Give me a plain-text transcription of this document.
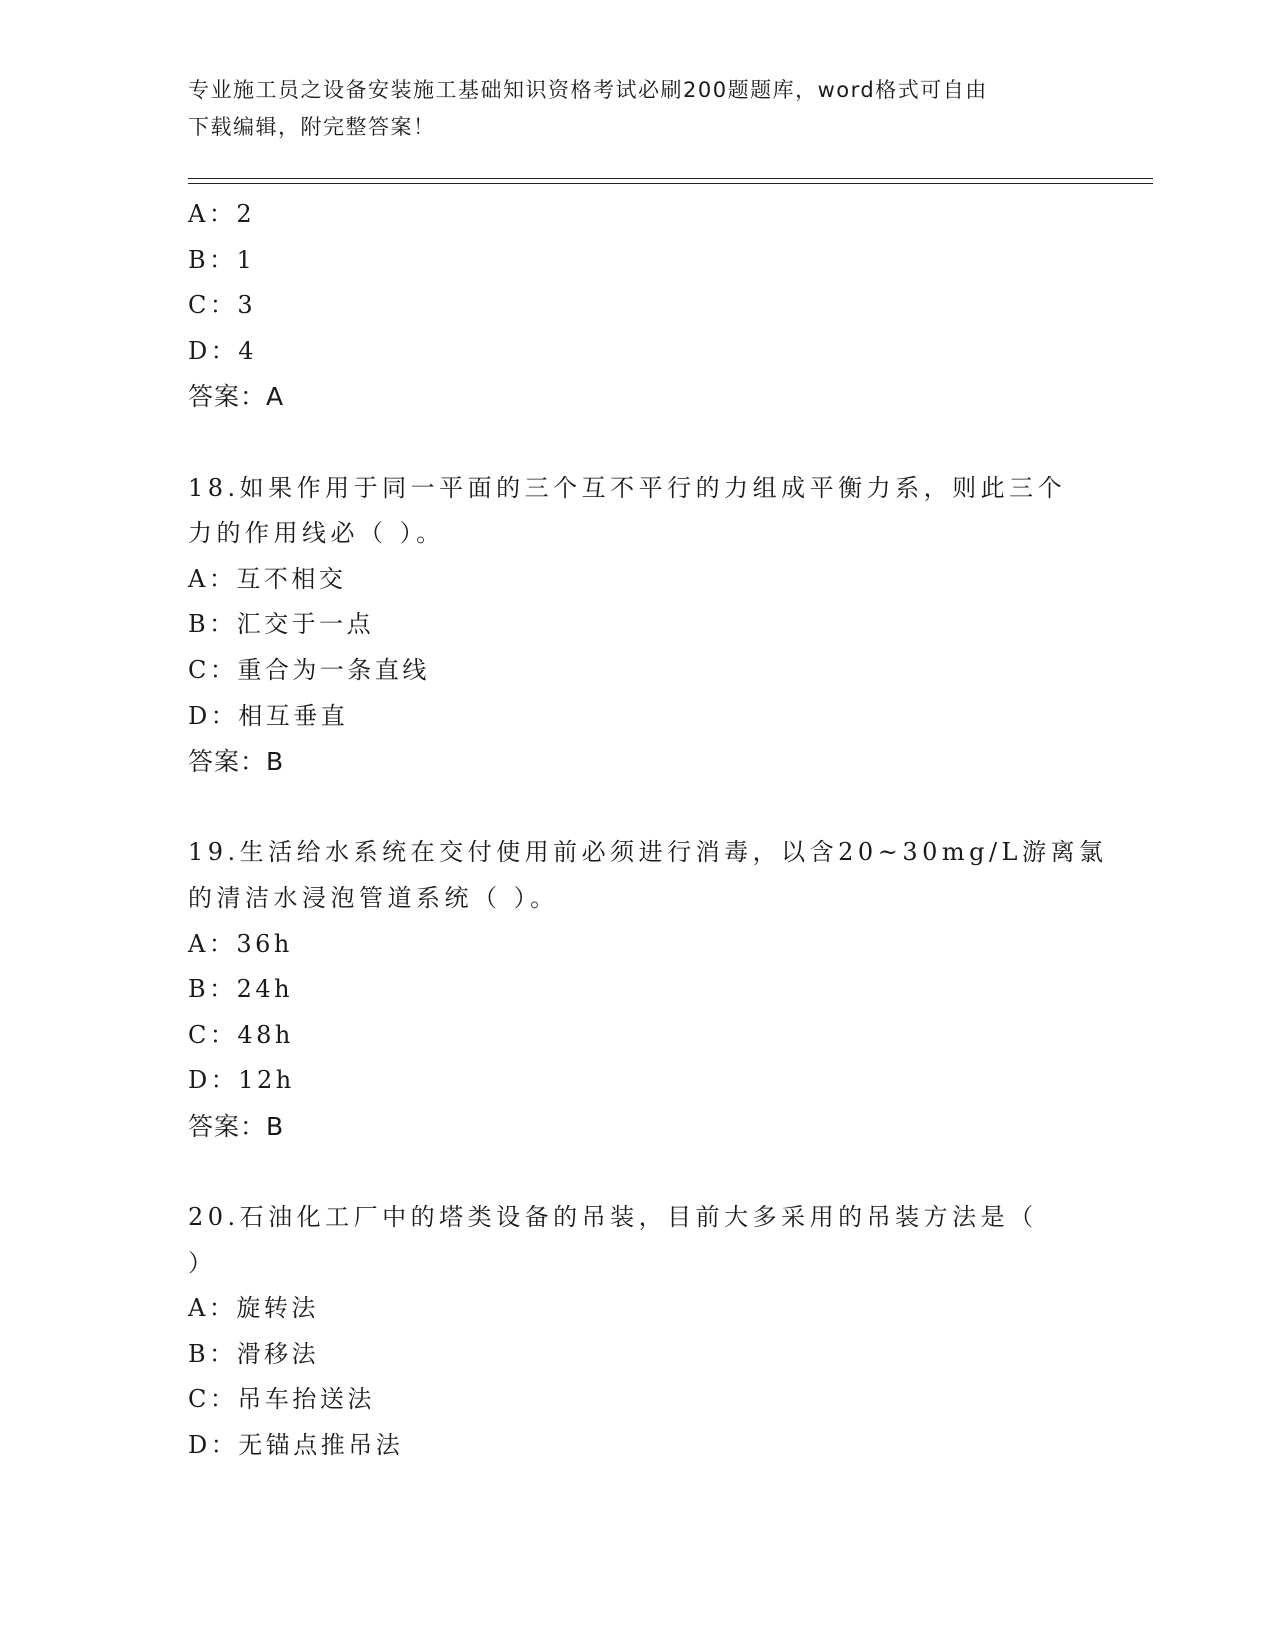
专业施工员之设备安装施工基础知识资格考试必刷200题题库，word格式可自由
下载编辑，附完整答案！
A：2
B：1
C：3
D：4
答案：A
18.如果作用于同一平面的三个互不平行的力组成平衡力系，则此三个
力的作用线必（ ）。
A：互不相交
B：汇交于一点
C：重合为一条直线
D：相互垂直
答案：B
19.生活给水系统在交付使用前必须进行消毒，以含20~30mg/L游离氯
的清洁水浸泡管道系统（ ）。
A：36h
B：24h
C：48h
D：12h
答案：B
20.石油化工厂中的塔类设备的吊装，目前大多采用的吊装方法是（
）
A：旋转法
B：滑移法
C：吊车抬送法
D：无锚点推吊法
